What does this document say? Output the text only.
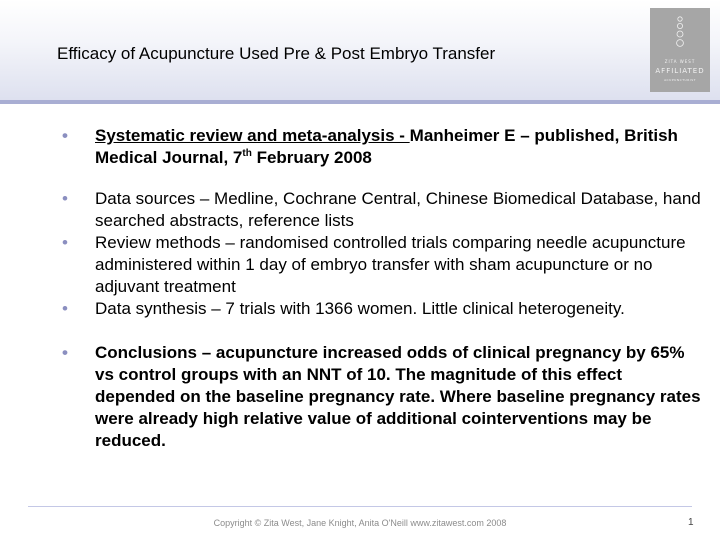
Efficacy of Acupuncture Used Pre & Post Embryo Transfer	ZITA WEST
AFFILIATED
ACUPUNCTURIST
• Systematic review and meta-analysis - Manheimer E – published, British Medical Journal, 7th February 2008
• Data sources – Medline, Cochrane Central, Chinese Biomedical Database, hand searched abstracts, reference lists
• Review methods – randomised controlled trials comparing needle acupuncture administered within 1 day of embryo transfer with sham acupuncture or no adjuvant treatment
• Data synthesis – 7 trials with 1366 women. Little clinical heterogeneity.
• Conclusions – acupuncture increased odds of clinical pregnancy by 65% vs control groups with an NNT of 10. The magnitude of this effect depended on the baseline pregnancy rate. Where baseline pregnancy rates were already high relative value of additional cointerventions may be reduced.
Copyright © Zita West, Jane Knight, Anita O'Neill www.zitawest.com 2008	1
